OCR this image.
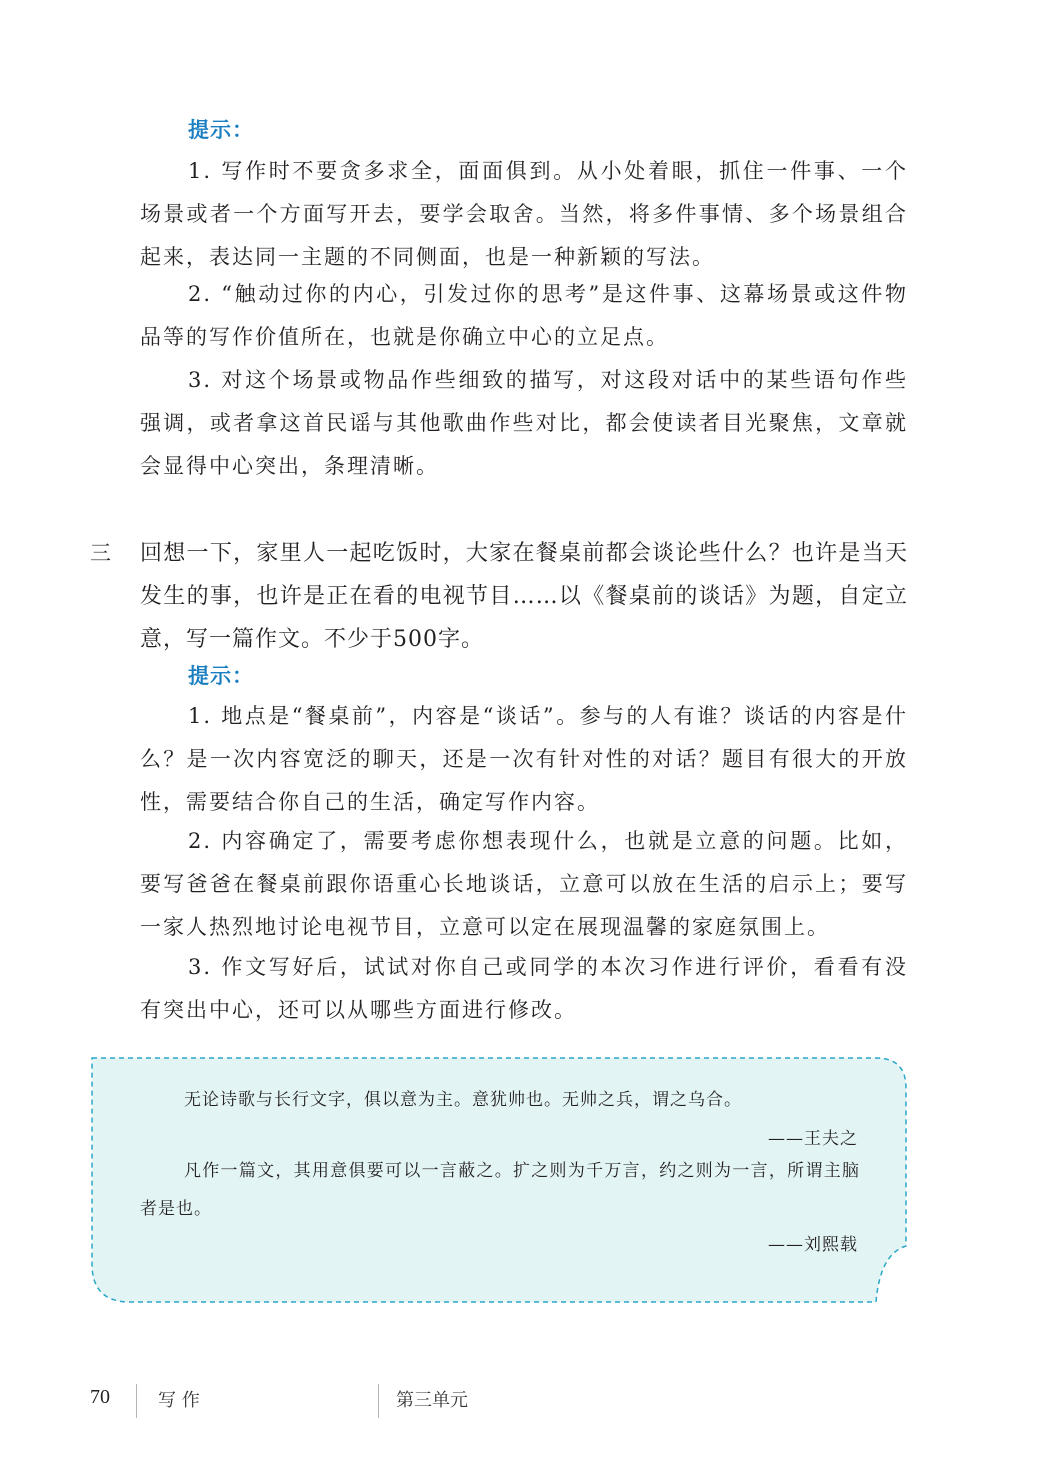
提示：

1. 写作时不要贪多求全，面面俱到。从小处着眼，抓住一件事、一个场景或者一个方面写开去，要学会取舍。当然，将多件事情、多个场景组合起来，表达同一主题的不同侧面，也是一种新颖的写法。

2. “触动过你的内心，引发过你的思考”是这件事、这幕场景或这件物品等的写作价值所在，也就是你确立中心的立足点。

3. 对这个场景或物品作些细致的描写，对这段对话中的某些语句作些强调，或者拿这首民谣与其他歌曲作些对比，都会使读者目光聚焦，文章就会显得中心突出，条理清晰。

三 回想一下，家里人一起吃饭时，大家在餐桌前都会谈论些什么？也许是当天发生的事，也许是正在看的电视节目……以《餐桌前的谈话》为题，自定立意，写一篇作文。不少于500字。

提示：

1. 地点是“餐桌前”，内容是“谈话”。参与的人有谁？谈话的内容是什么？是一次内容宽泛的聊天，还是一次有针对性的对话？题目有很大的开放性，需要结合你自己的生活，确定写作内容。

2. 内容确定了，需要考虑你想表现什么，也就是立意的问题。比如，要写爸爸在餐桌前跟你语重心长地谈话，立意可以放在生活的启示上；要写一家人热烈地讨论电视节目，立意可以定在展现温馨的家庭氛围上。

3. 作文写好后，试试对你自己或同学的本次习作进行评价，看看有没有突出中心，还可以从哪些方面进行修改。

无论诗歌与长行文字，俱以意为主。意犹帅也。无帅之兵，谓之乌合。

——王夫之

凡作一篇文，其用意俱要可以一言蔽之。扩之则为千万言，约之则为一言，所谓主脑者是也。

——刘熙载
70	写 作	第三单元
